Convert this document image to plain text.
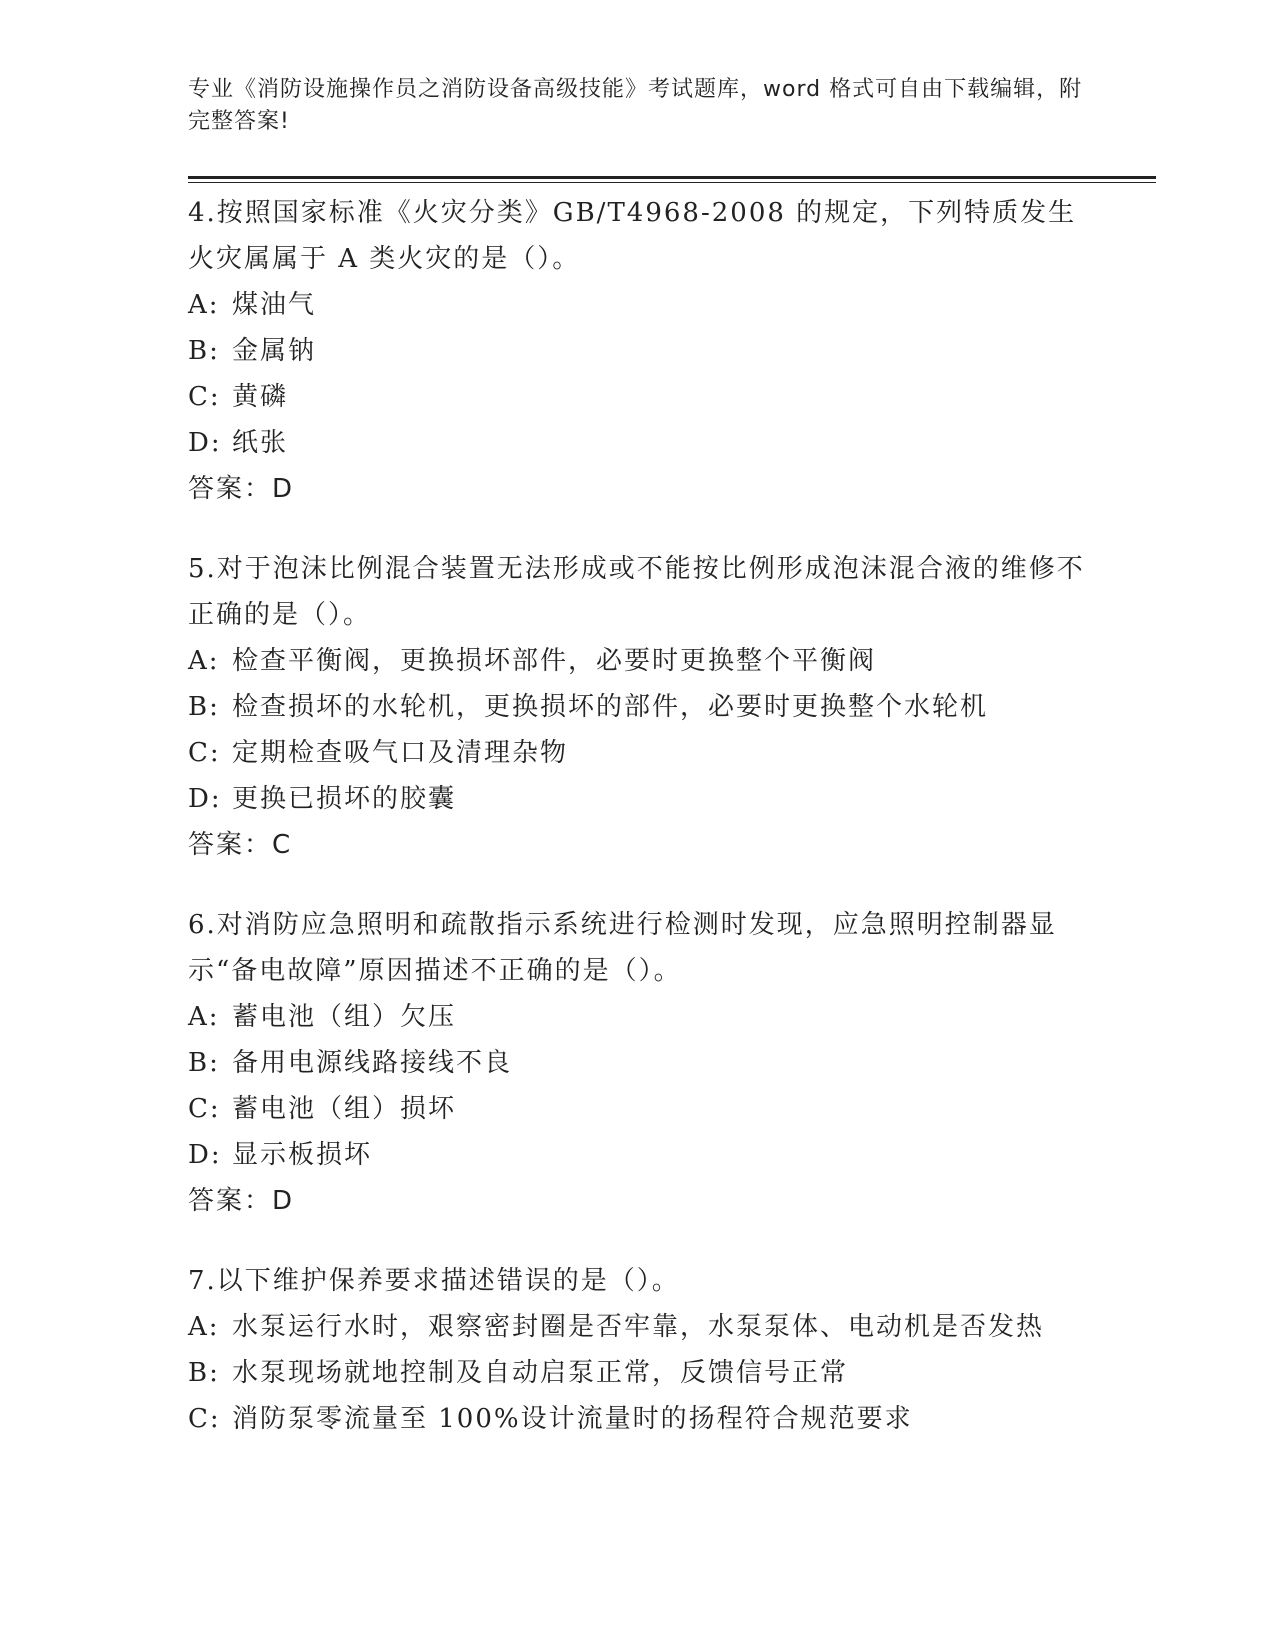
专业《消防设施操作员之消防设备高级技能》考试题库，word 格式可自由下载编辑，附完整答案!

4.按照国家标准《火灾分类》GB/T4968-2008 的规定，下列特质发生火灾属属于 A 类火灾的是（）。

A: 煤油气

B: 金属钠

C: 黄磷

D: 纸张

答案：D

5.对于泡沫比例混合装置无法形成或不能按比例形成泡沫混合液的维修不正确的是（）。

A: 检查平衡阀，更换损坏部件，必要时更换整个平衡阀

B: 检查损坏的水轮机，更换损坏的部件，必要时更换整个水轮机

C: 定期检查吸气口及清理杂物

D: 更换已损坏的胶囊

答案：C

6.对消防应急照明和疏散指示系统进行检测时发现，应急照明控制器显示“备电故障”原因描述不正确的是（）。

A: 蓄电池（组）欠压

B: 备用电源线路接线不良

C: 蓄电池（组）损坏

D: 显示板损坏

答案：D

7.以下维护保养要求描述错误的是（）。

A: 水泵运行水时，艰察密封圈是否牢靠，水泵泵体、电动机是否发热

B: 水泵现场就地控制及自动启泵正常，反馈信号正常

C: 消防泵零流量至 100%设计流量时的扬程符合规范要求
